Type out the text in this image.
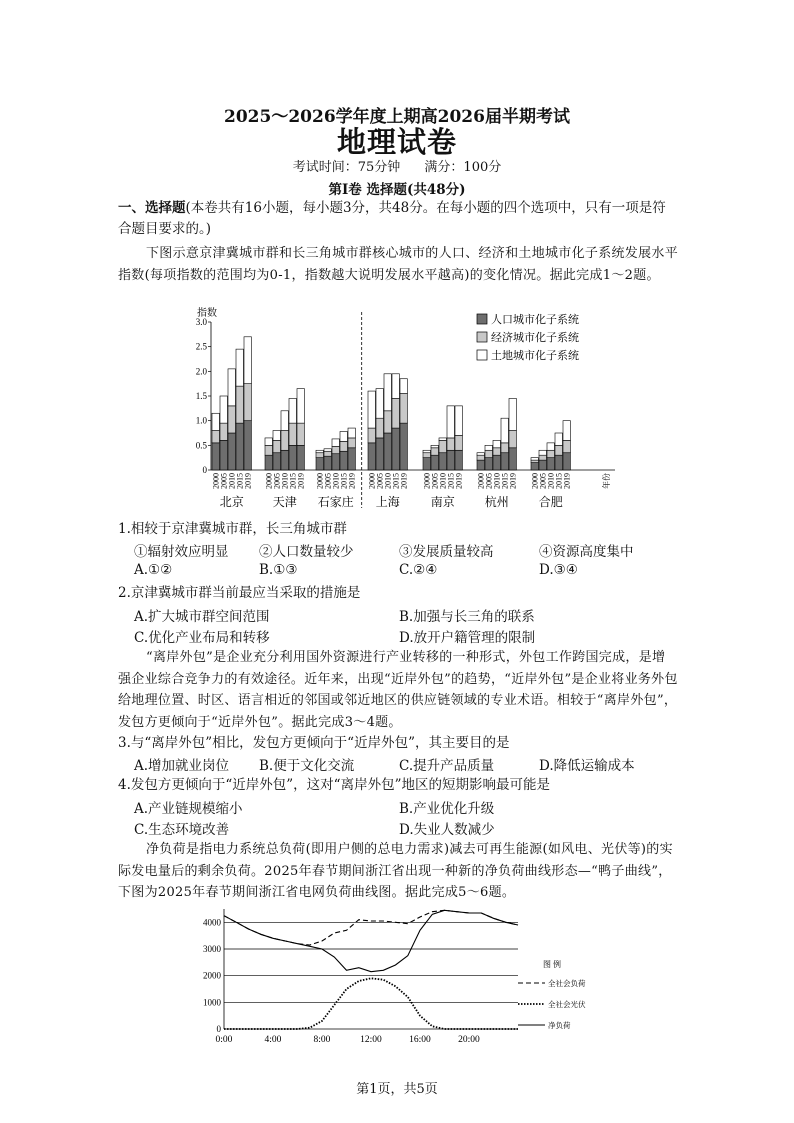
2025～2026学年度上期高2026届半期考试
地理试卷
考试时间：75分钟 满分：100分
第Ⅰ卷 选择题(共48分)
一、选择题(本卷共有16小题，每小题3分，共48分。在每小题的四个选项中，只有一项是符合题目要求的。)
下图示意京津冀城市群和长三角城市群核心城市的人口、经济和土地城市化子系统发展水平指数(每项指数的范围均为0-1，指数越大说明发展水平越高)的变化情况。据此完成1～2题。
0
0.5
1.0
1.5
2.0
2.5
3.0
指数
2000 2005 2010 2015 2019
北京
2000 2005 2010 2015 2019
天津
2000 2005 2010 2015 2019
石家庄
2000 2005 2010 2015 2019
上海
2000 2005 2010 2015 2019
南京
2000 2005 2010 2015 2019
杭州
2000 2005 2010 2015 2019
合肥
年份
人口城市化子系统
经济城市化子系统
土地城市化子系统
1.相较于京津冀城市群，长三角城市群
①辐射效应明显 ②人口数量较少	③发展质量较高	④资源高度集中
A.①②	B.①③	C.②④	D.③④
2.京津冀城市群当前最应当采取的措施是
A.扩大城市群空间范围	B.加强与长三角的联系
C.优化产业布局和转移	D.放开户籍管理的限制
“离岸外包”是企业充分利用国外资源进行产业转移的一种形式，外包工作跨国完成，是增强企业综合竞争力的有效途径。近年来，出现“近岸外包”的趋势，“近岸外包”是企业将业务外包给地理位置、时区、语言相近的邻国或邻近地区的供应链领域的专业术语。相较于“离岸外包”，发包方更倾向于“近岸外包”。据此完成3～4题。
3.与“离岸外包”相比，发包方更倾向于“近岸外包”，其主要目的是
A.增加就业岗位 B.便于文化交流	C.提升产品质量	D.降低运输成本
4.发包方更倾向于“近岸外包”，这对“离岸外包”地区的短期影响最可能是
A.产业链规模缩小	B.产业优化升级
C.生态环境改善	D.失业人数减少
净负荷是指电力系统总负荷(即用户侧的总电力需求)减去可再生能源(如风电、光伏等)的实际发电量后的剩余负荷。2025年春节期间浙江省出现一种新的净负荷曲线形态—“鸭子曲线”，下图为2025年春节期间浙江省电网负荷曲线图。据此完成5～6题。
0
1000
2000
3000
4000
0:00	4:00	8:00	12:00	16:00	20:00
图 例
全社会负荷
全社会光伏
净负荷
第1页，共5页
